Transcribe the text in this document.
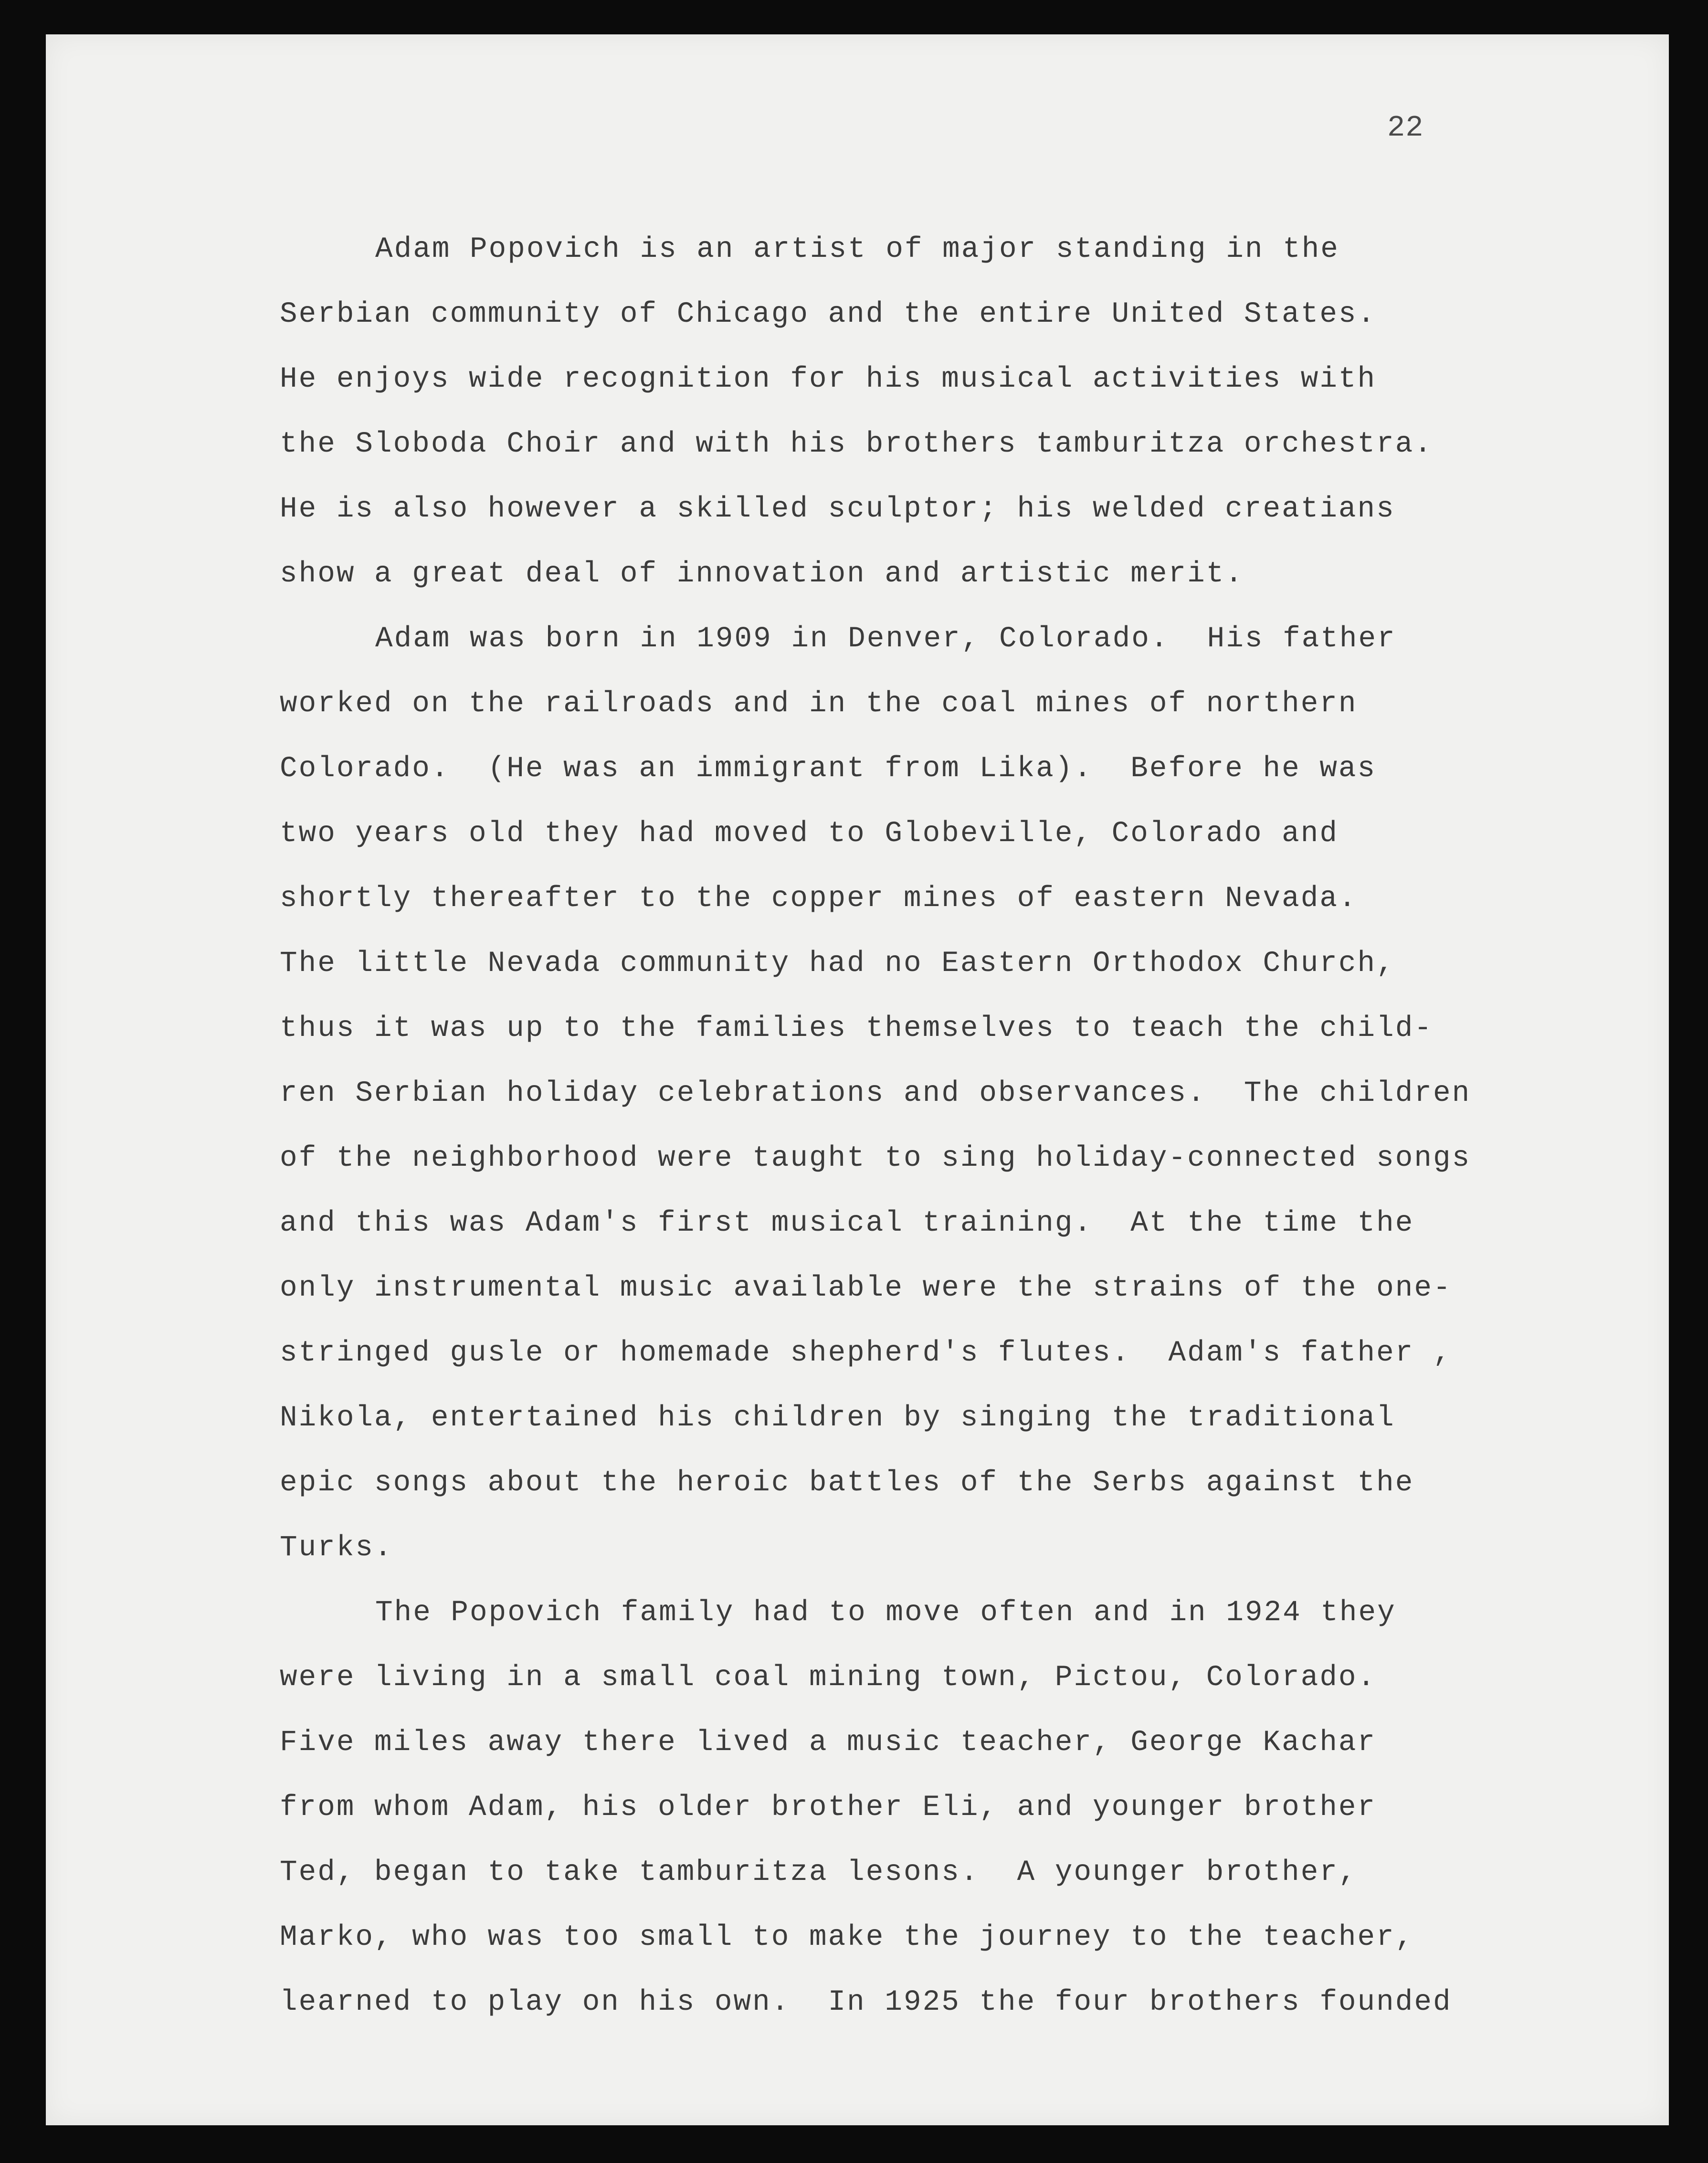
22
Adam Popovich is an artist of major standing in the
Serbian community of Chicago and the entire United States.
He enjoys wide recognition for his musical activities with
the Sloboda Choir and with his brothers tamburitza orchestra.
He is also however a skilled sculptor; his welded creatians
show a great deal of innovation and artistic merit.
Adam was born in 1909 in Denver, Colorado.  His father
worked on the railroads and in the coal mines of northern
Colorado.  (He was an immigrant from Lika).  Before he was
two years old they had moved to Globeville, Colorado and
shortly thereafter to the copper mines of eastern Nevada.
The little Nevada community had no Eastern Orthodox Church,
thus it was up to the families themselves to teach the child-
ren Serbian holiday celebrations and observances.  The children
of the neighborhood were taught to sing holiday-connected songs
and this was Adam's first musical training.  At the time the
only instrumental music available were the strains of the one-
stringed gusle or homemade shepherd's flutes.  Adam's father ,
Nikola, entertained his children by singing the traditional
epic songs about the heroic battles of the Serbs against the
Turks.
The Popovich family had to move often and in 1924 they
were living in a small coal mining town, Pictou, Colorado.
Five miles away there lived a music teacher, George Kachar
from whom Adam, his older brother Eli, and younger brother
Ted, began to take tamburitza lesons.  A younger brother,
Marko, who was too small to make the journey to the teacher,
learned to play on his own.  In 1925 the four brothers founded
